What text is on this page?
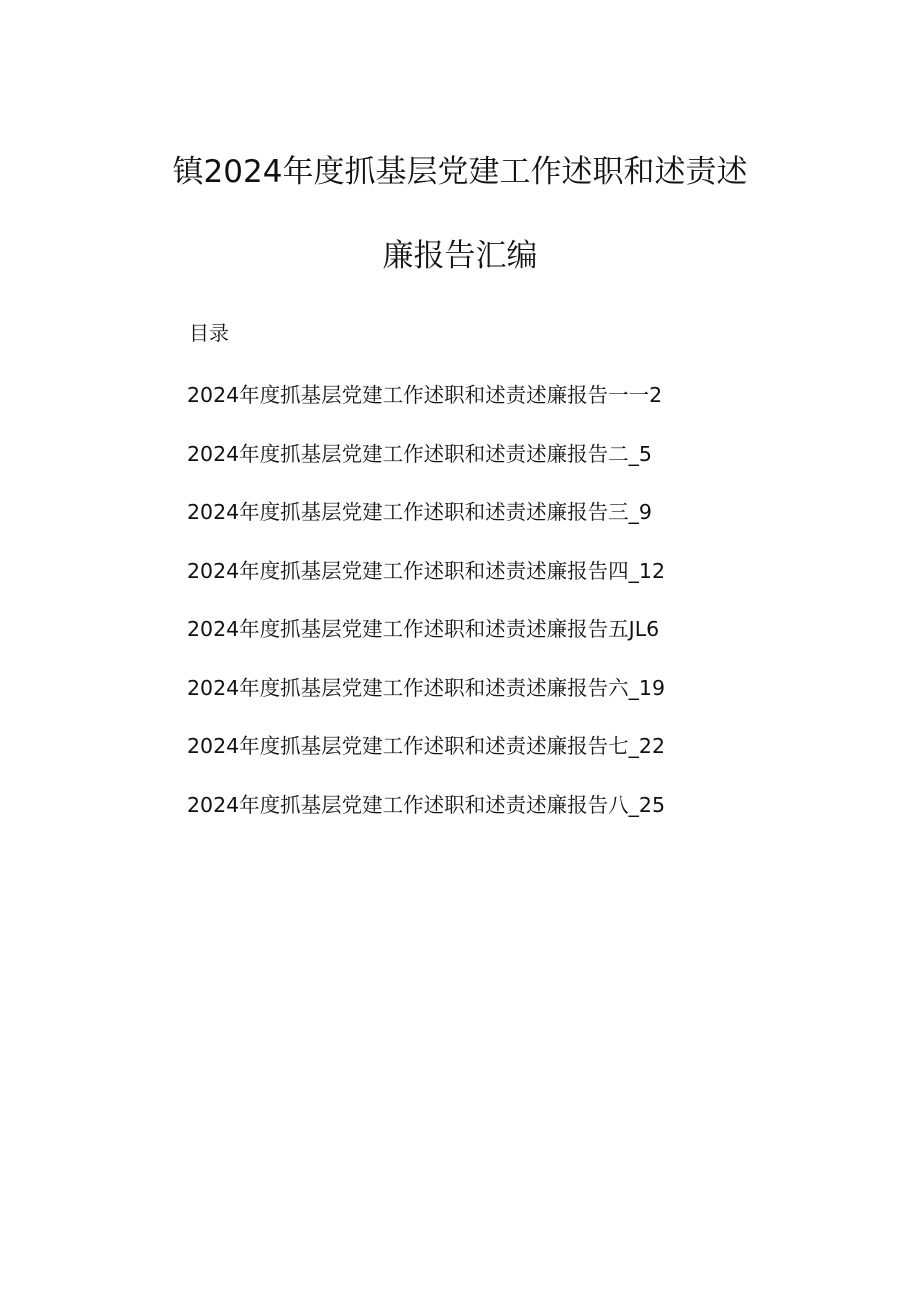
镇2024年度抓基层党建工作述职和述责述
廉报告汇编
目录
2024年度抓基层党建工作述职和述责述廉报告一一2
2024年度抓基层党建工作述职和述责述廉报告二_5
2024年度抓基层党建工作述职和述责述廉报告三_9
2024年度抓基层党建工作述职和述责述廉报告四_12
2024年度抓基层党建工作述职和述责述廉报告五JL6
2024年度抓基层党建工作述职和述责述廉报告六_19
2024年度抓基层党建工作述职和述责述廉报告七_22
2024年度抓基层党建工作述职和述责述廉报告八_25
